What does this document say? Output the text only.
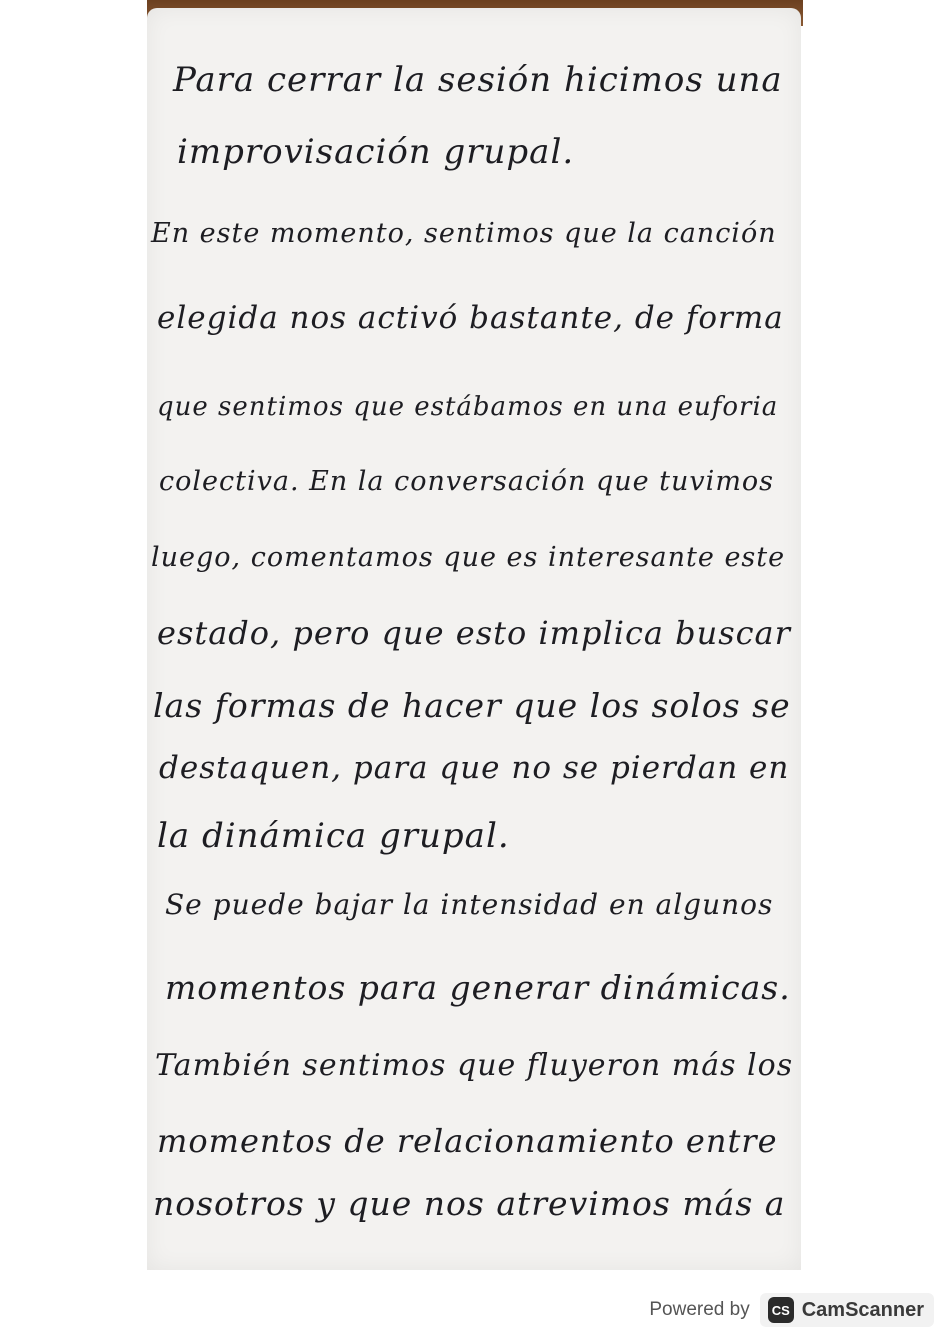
Para cerrar la sesión hicimos una
improvisación grupal.
En este momento, sentimos que la canción
elegida nos activó bastante, de forma
que sentimos que estábamos en una euforia
colectiva. En la conversación que tuvimos
luego, comentamos que es interesante este
estado, pero que esto implica buscar
las formas de hacer que los solos se
destaquen, para que no se pierdan en
la dinámica grupal.
Se puede bajar la intensidad en algunos
momentos para generar dinámicas.
También sentimos que fluyeron más los
momentos de relacionamiento entre
nosotros y que nos atrevimos más a
Powered by	CS CamScanner
